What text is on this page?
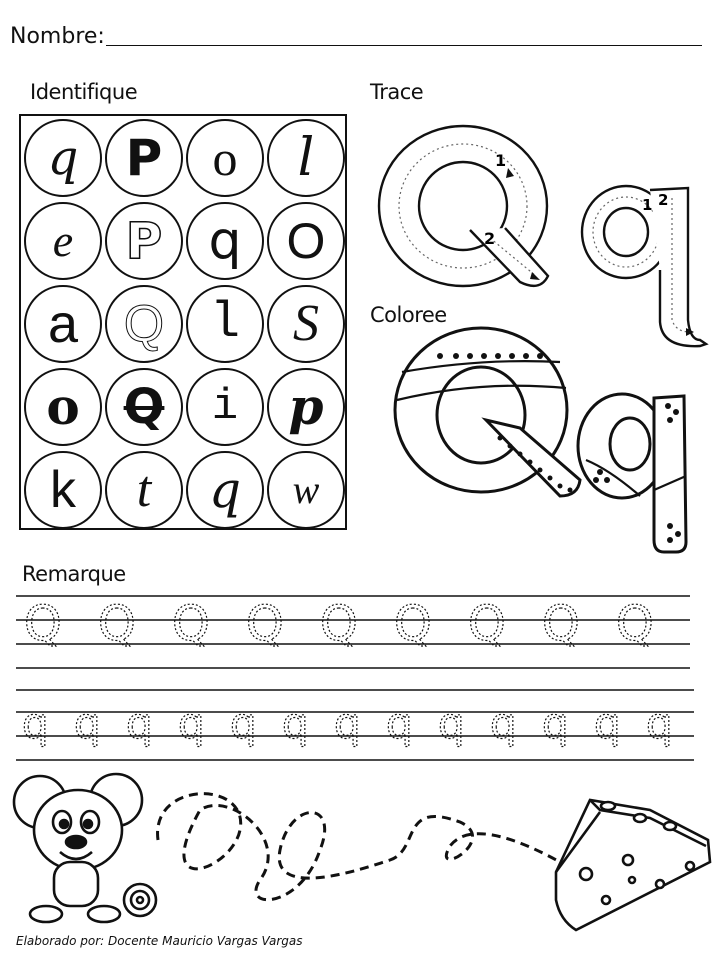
Nombre:
Identifique	Trace
Coloree
Remarque
q P o l
e P q O
a Q l S
o Q i p
k t q w
1
2
1 2
Q Q Q Q Q Q Q Q Q
q q q q q q q q q q q q q
Elaborado por: Docente Mauricio Vargas Vargas
